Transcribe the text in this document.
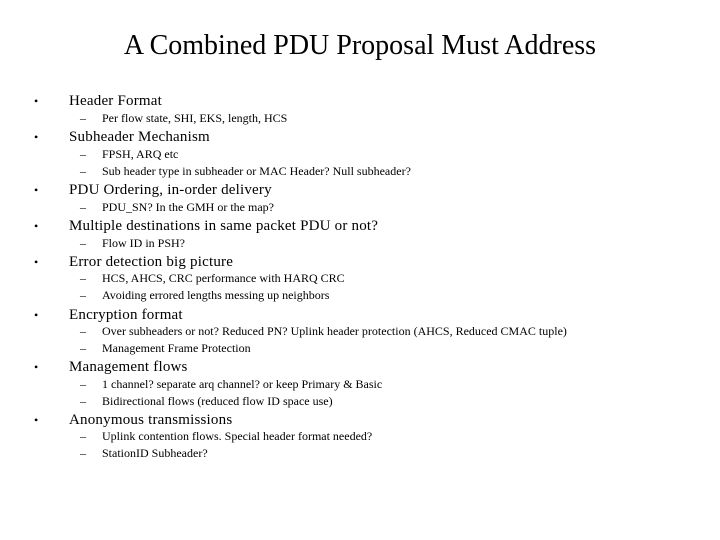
A Combined PDU Proposal Must Address
• Header Format
– Per flow state, SHI, EKS, length, HCS
• Subheader Mechanism
– FPSH, ARQ etc
– Sub header type in subheader or MAC Header? Null subheader?
• PDU Ordering, in-order delivery
– PDU_SN? In the GMH or the map?
• Multiple destinations in same packet PDU or not?
– Flow ID in PSH?
• Error detection big picture
– HCS, AHCS, CRC performance with HARQ CRC
– Avoiding errored lengths messing up neighbors
• Encryption format
– Over subheaders or not? Reduced PN? Uplink header protection (AHCS, Reduced CMAC tuple)
– Management Frame Protection
• Management flows
– 1 channel? separate arq channel? or keep Primary & Basic
– Bidirectional flows (reduced flow ID space use)
• Anonymous transmissions
– Uplink contention flows. Special header format needed?
– StationID Subheader?
